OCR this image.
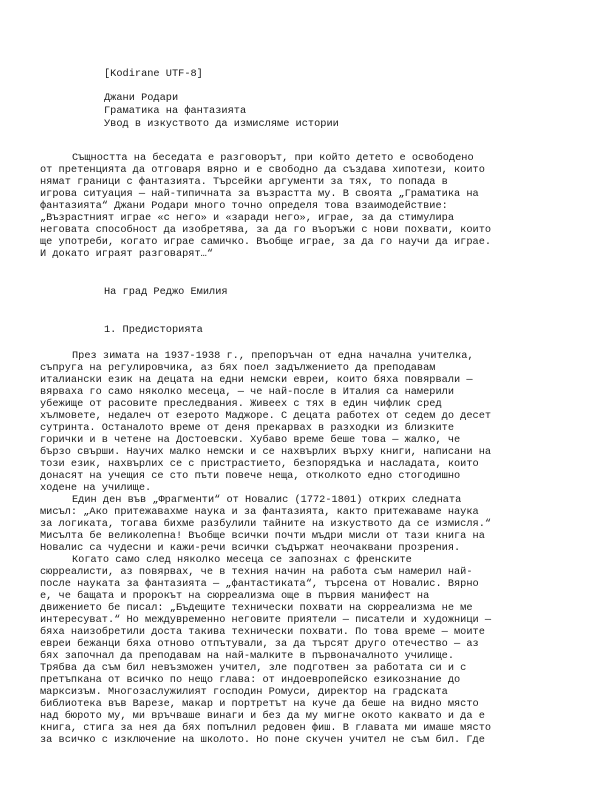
[Kodirane UTF-8]
Джани Родари
Граматика на фантазията
Увод в изкуството да измисляме истории
Същността на беседата е разговорът, при който детето е освободено
от претенцията да отговаря вярно и е свободно да създава хипотези, които
нямат граници с фантазията. Търсейки аргументи за тях, то попада в
игрова ситуация — най-типичната за възрастта му. В своята „Граматика на
фантазията“ Джани Родари много точно определя това взаимодействие:
„Възрастният играе «с него» и «заради него», играе, за да стимулира
неговата способност да изобретява, за да го въоръжи с нови похвати, които
ще употреби, когато играе самичко. Въобще играе, за да го научи да играе.
И докато играят разговарят…“
На град Реджо Емилия
1. Предисторията
През зимата на 1937-1938 г., препоръчан от една начална учителка,
съпруга на регулировчика, аз бях поел задължението да преподавам
италиански език на децата на едни немски евреи, които бяха повярвали —
вярваха го само няколко месеца, — че най-после в Италия са намерили
убежище от расовите преследвания. Живеех с тях в един чифлик сред
хълмовете, недалеч от езерото Маджоре. С децата работех от седем до десет
сутринта. Останалото време от деня прекарвах в разходки из близките
горички и в четене на Достоевски. Хубаво време беше това — жалко, че
бързо свърши. Научих малко немски и се нахвърлих върху книги, написани на
този език, нахвърлих се с пристрастието, безпорядъка и насладата, които
донасят на учещия се сто пъти повече неща, отколкото едно стогодишно
ходене на училище.
Един ден във „Фрагменти“ от Новалис (1772-1801) открих следната
мисъл: „Ако притежавахме наука и за фантазията, както притежаваме наука
за логиката, тогава бихме разбулили тайните на изкуството да се измисля.“
Мисълта бе великолепна! Въобще всички почти мъдри мисли от тази книга на
Новалис са чудесни и кажи-речи всички съдържат неочаквани прозрения.
Когато само след няколко месеца се запознах с френските
сюрреалисти, аз повярвах, че в техния начин на работа съм намерил най-
после науката за фантазията — „фантастиката“, търсена от Новалис. Вярно
е, че бащата и пророкът на сюрреализма още в първия манифест на
движението бе писал: „Бъдещите технически похвати на сюрреализма не ме
интересуват.“ Но междувременно неговите приятели — писатели и художници —
бяха наизобретили доста такива технически похвати. По това време — моите
евреи бежанци бяха отново отпътували, за да търсят друго отечество — аз
бях започнал да преподавам на най-малките в първоначалното училище.
Трябва да съм бил невъзможен учител, зле подготвен за работата си и с
претъпкана от всичко по нещо глава: от индоевропейско езикознание до
марксизъм. Многозаслужилият господин Ромуси, директор на градската
библиотека във Варезе, макар и портретът на куче да беше на видно място
над бюрото му, ми връчваше винаги и без да му мигне окото каквато и да е
книга, стига за нея да бях попълнил редовен фиш. В главата ми имаше място
за всичко с изключение на школото. Но поне скучен учител не съм бил. Где
